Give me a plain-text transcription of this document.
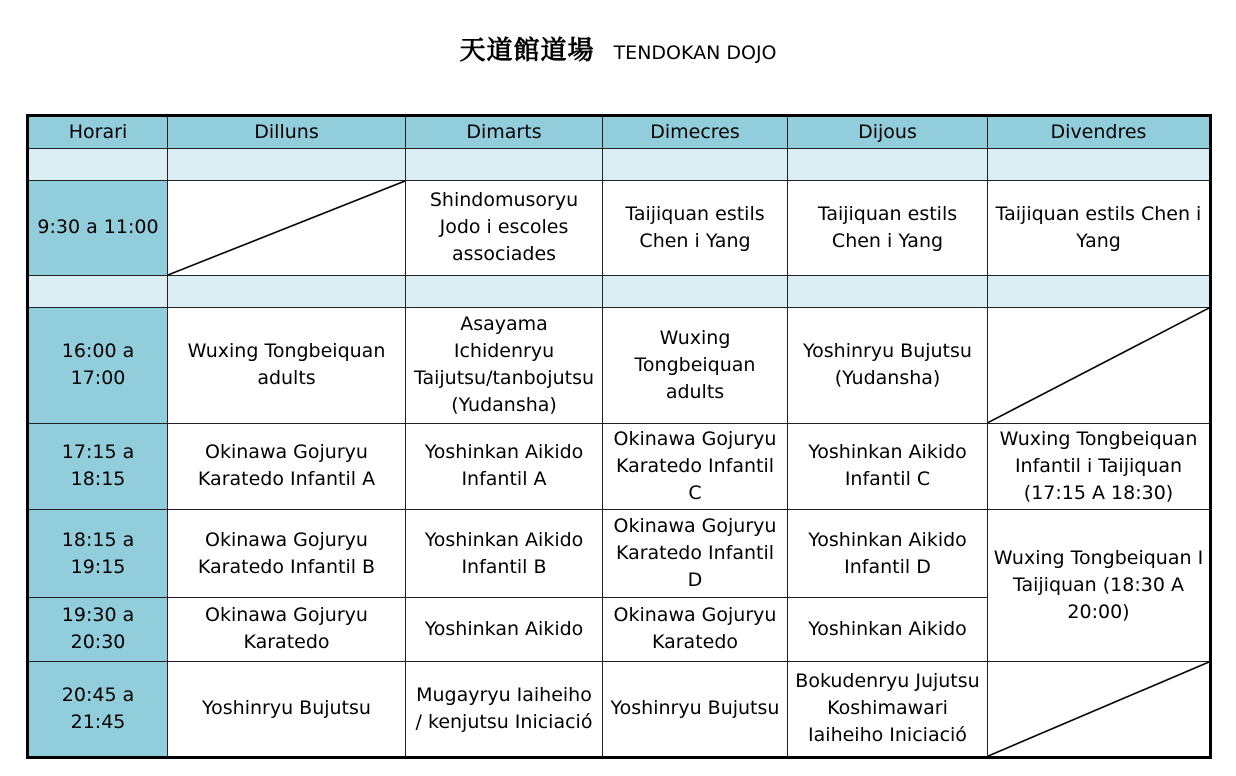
天道館道場 TENDOKAN DOJO
Horari	Dilluns	Dimarts	Dimecres	Dijous	Divendres

9:30 a 11:00		Shindomusoryu Jodo i escoles associades	Taijiquan estils Chen i Yang	Taijiquan estils Chen i Yang	Taijiquan estils Chen i Yang

16:00 a 17:00	Wuxing Tongbeiquan adults	Asayama Ichidenryu Taijutsu/tanbojutsu (Yudansha)	Wuxing Tongbeiquan adults	Yoshinryu Bujutsu (Yudansha)	

17:15 a 18:15	Okinawa Gojuryu Karatedo Infantil A	Yoshinkan Aikido Infantil A	Okinawa Gojuryu Karatedo Infantil C	Yoshinkan Aikido Infantil C	Wuxing Tongbeiquan Infantil i Taijiquan (17:15 A 18:30)
18:15 a 19:15	Okinawa Gojuryu Karatedo Infantil B	Yoshinkan Aikido Infantil B	Okinawa Gojuryu Karatedo Infantil D	Yoshinkan Aikido Infantil D	Wuxing Tongbeiquan I Taijiquan (18:30 A 20:00)
19:30 a 20:30	Okinawa Gojuryu Karatedo	Yoshinkan Aikido	Okinawa Gojuryu Karatedo	Yoshinkan Aikido	
20:45 a 21:45	Yoshinryu Bujutsu	Mugayryu Iaiheiho / kenjutsu Iniciació	Yoshinryu Bujutsu	Bokudenryu Jujutsu Koshimawari Iaiheiho Iniciació	
